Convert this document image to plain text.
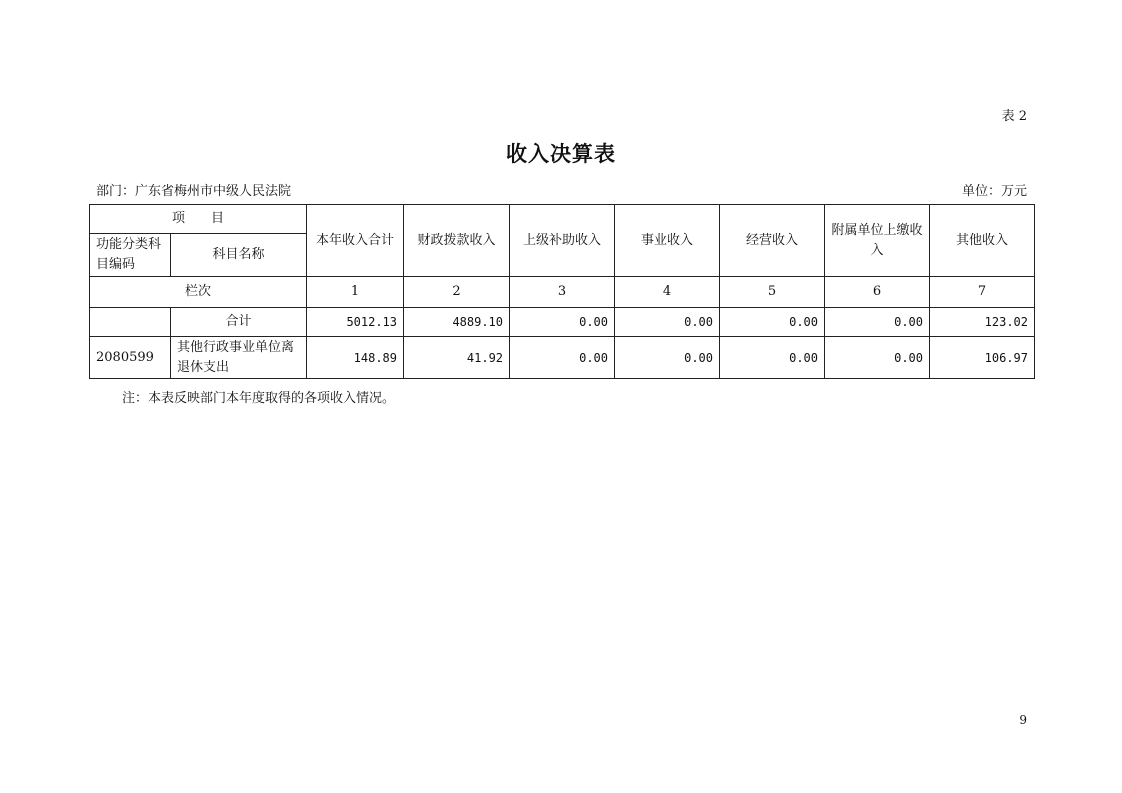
表 2
收入决算表
部门：广东省梅州市中级人民法院	单位：万元
项　　目		本年收入合计	财政拨款收入	上级补助收入	事业收入	经营收入	附属单位上缴收入	其他收入
功能分类科目编码	科目名称							
栏次		1	2	3	4	5	6	7
	合计	5012.13	4889.10	0.00	0.00	0.00	0.00	123.02
2080599	其他行政事业单位离退休支出	148.89	41.92	0.00	0.00	0.00	0.00	106.97
注：本表反映部门本年度取得的各项收入情况。
9
